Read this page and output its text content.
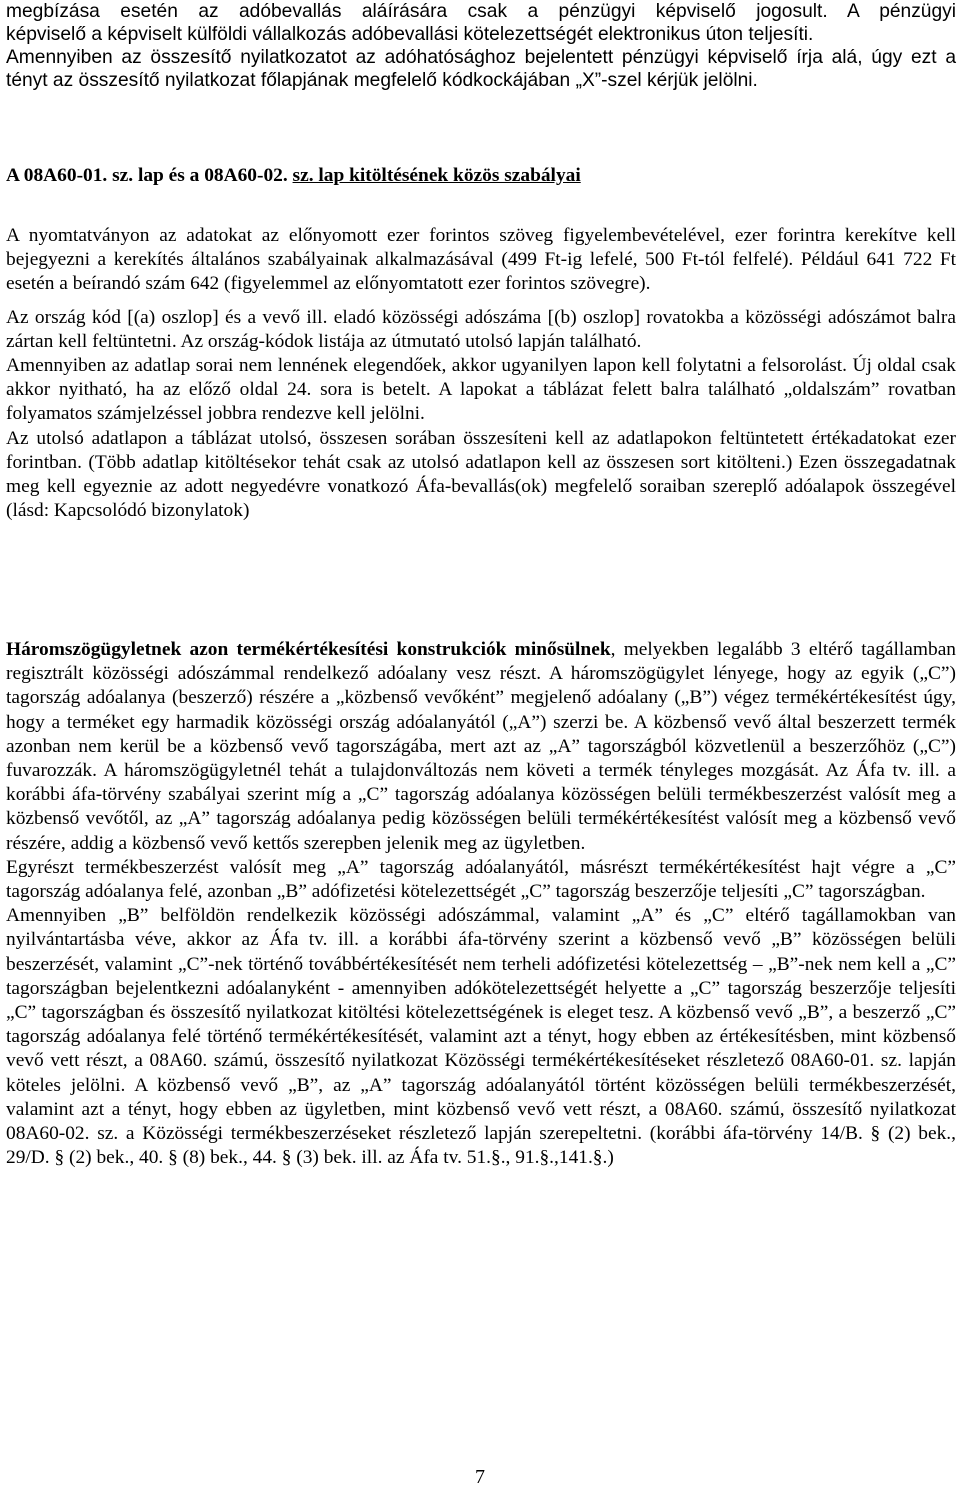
megbízása esetén az adóbevallás aláírására csak a pénzügyi képviselő jogosult. A pénzügyi

képviselő a képviselt külföldi vállalkozás adóbevallási kötelezettségét elektronikus úton teljesíti.

Amennyiben az összesítő nyilatkozatot az adóhatósághoz bejelentett pénzügyi képviselő írja alá, úgy ezt a tényt az összesítő nyilatkozat főlapjának megfelelő kódkockájában „X”-szel kérjük jelölni.

A 08A60-01. sz. lap és a 08A60-02. sz. lap kitöltésének közös szabályai

A nyomtatványon az adatokat az előnyomott ezer forintos szöveg figyelembevételével, ezer forintra kerekítve kell bejegyezni a kerekítés általános szabályainak alkalmazásával (499 Ft-ig lefelé, 500 Ft-tól felfelé). Például 641 722 Ft esetén a beírandó szám 642 (figyelemmel az előnyomtatott ezer forintos szövegre).

Az ország kód [(a) oszlop] és a vevő ill. eladó közösségi adószáma [(b) oszlop] rovatokba a közösségi adószámot balra zártan kell feltüntetni. Az ország-kódok listája az útmutató utolsó lapján található.

Amennyiben az adatlap sorai nem lennének elegendőek, akkor ugyanilyen lapon kell folytatni a felsorolást. Új oldal csak akkor nyitható, ha az előző oldal 24. sora is betelt. A lapokat a táblázat felett balra található „oldalszám” rovatban folyamatos számjelzéssel jobbra rendezve kell jelölni.

Az utolsó adatlapon a táblázat utolsó, összesen sorában összesíteni kell az adatlapokon feltüntetett értékadatokat ezer forintban. (Több adatlap kitöltésekor tehát csak az utolsó adatlapon kell az összesen sort kitölteni.) Ezen összegadatnak meg kell egyeznie az adott negyedévre vonatkozó Áfa-bevallás(ok) megfelelő soraiban szereplő adóalapok összegével (lásd: Kapcsolódó bizonylatok)

Háromszögügyletnek azon termékértékesítési konstrukciók minősülnek, melyekben legalább 3 eltérő tagállamban regisztrált közösségi adószámmal rendelkező adóalany vesz részt. A háromszögügylet lényege, hogy az egyik („C”) tagország adóalanya (beszerző) részére a „közbenső vevőként” megjelenő adóalany („B”) végez termékértékesítést úgy, hogy a terméket egy harmadik közösségi ország adóalanyától („A”) szerzi be. A közbenső vevő által beszerzett termék azonban nem kerül be a közbenső vevő tagországába, mert azt az „A” tagországból közvetlenül a beszerzőhöz („C”) fuvarozzák. A háromszögügyletnél tehát a tulajdonváltozás nem követi a termék tényleges mozgását. Az Áfa tv. ill. a korábbi áfa-törvény szabályai szerint míg a „C” tagország adóalanya közösségen belüli termékbeszerzést valósít meg a közbenső vevőtől, az „A” tagország adóalanya pedig közösségen belüli termékértékesítést valósít meg a közbenső vevő részére, addig a közbenső vevő kettős szerepben jelenik meg az ügyletben.

Egyrészt termékbeszerzést valósít meg „A” tagország adóalanyától, másrészt termékértékesítést hajt végre a „C” tagország adóalanya felé, azonban „B” adófizetési kötelezettségét „C” tagország beszerzője teljesíti „C” tagországban.

Amennyiben „B” belföldön rendelkezik közösségi adószámmal, valamint „A” és „C” eltérő tagállamokban van nyilvántartásba véve, akkor az Áfa tv. ill. a korábbi áfa-törvény szerint a közbenső vevő „B” közösségen belüli beszerzését, valamint „C”-nek történő továbbértékesítését nem terheli adófizetési kötelezettség – „B”-nek nem kell a „C” tagországban bejelentkezni adóalanyként - amennyiben adókötelezettségét helyette a „C” tagország beszerzője teljesíti „C” tagországban és összesítő nyilatkozat kitöltési kötelezettségének is eleget tesz. A közbenső vevő „B”, a beszerző „C” tagország adóalanya felé történő termékértékesítését, valamint azt a tényt, hogy ebben az értékesítésben, mint közbenső vevő vett részt, a 08A60. számú, összesítő nyilatkozat Közösségi termékértékesítéseket részletező 08A60-01. sz. lapján köteles jelölni. A közbenső vevő „B”, az „A” tagország adóalanyától történt közösségen belüli termékbeszerzését, valamint azt a tényt, hogy ebben az ügyletben, mint közbenső vevő vett részt, a 08A60. számú, összesítő nyilatkozat 08A60-02. sz. a Közösségi termékbeszerzéseket részletező lapján szerepeltetni. (korábbi áfa-törvény 14/B. § (2) bek., 29/D. § (2) bek., 40. § (8) bek., 44. § (3) bek. ill. az Áfa tv. 51.§., 91.§.,141.§.)

7
